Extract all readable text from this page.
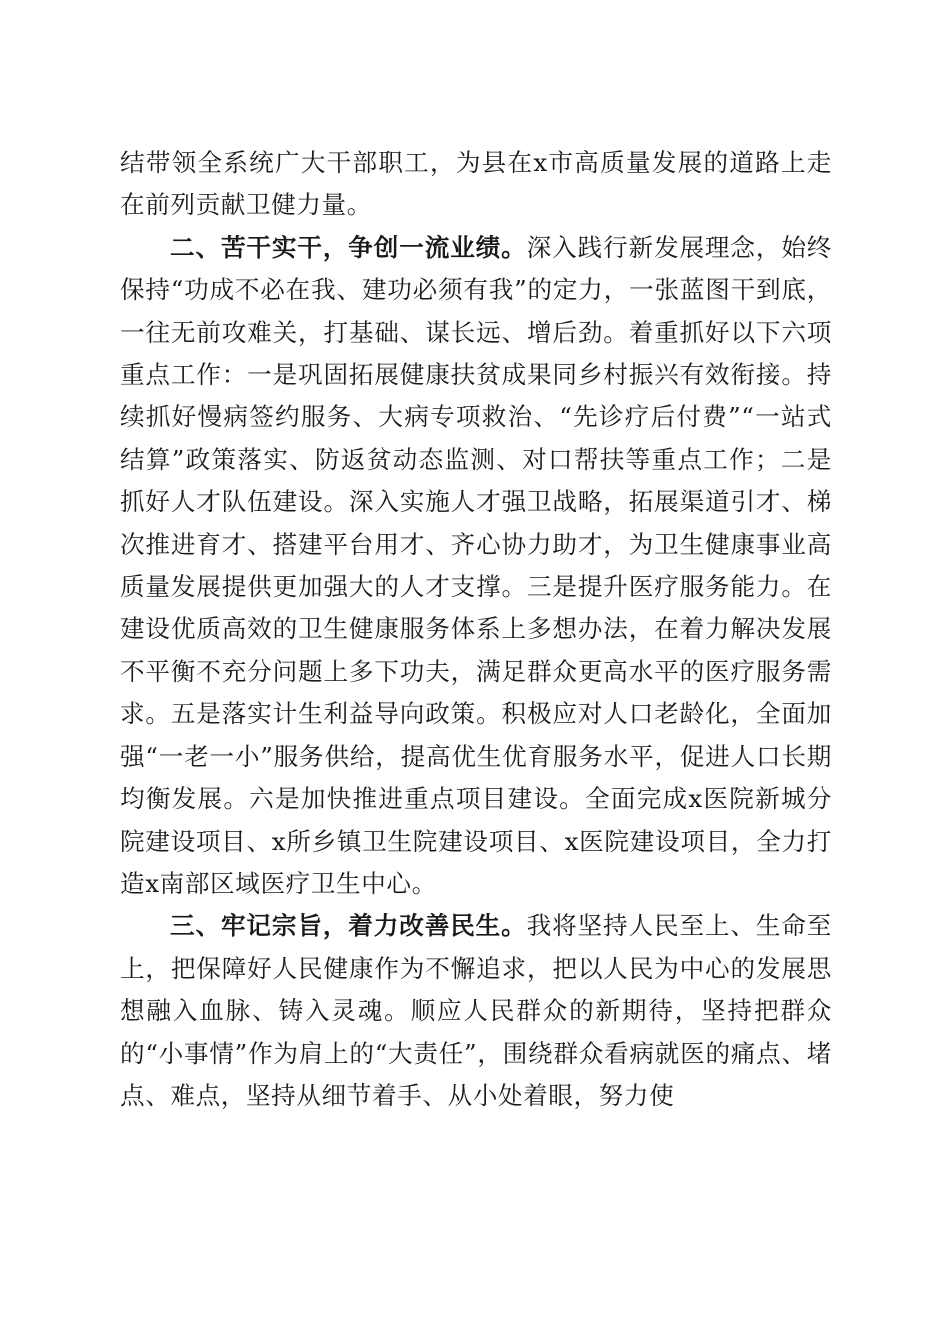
结带领全系统广大干部职工，为县在x市高质量发展的道路上走在前列贡献卫健力量。

二、苦干实干，争创一流业绩。深入践行新发展理念，始终保持“功成不必在我、建功必须有我”的定力，一张蓝图干到底，一往无前攻难关，打基础、谋长远、增后劲。着重抓好以下六项重点工作：一是巩固拓展健康扶贫成果同乡村振兴有效衔接。持续抓好慢病签约服务、大病专项救治、“先诊疗后付费”“一站式结算”政策落实、防返贫动态监测、对口帮扶等重点工作；二是抓好人才队伍建设。深入实施人才强卫战略，拓展渠道引才、梯次推进育才、搭建平台用才、齐心协力助才，为卫生健康事业高质量发展提供更加强大的人才支撑。三是提升医疗服务能力。在建设优质高效的卫生健康服务体系上多想办法，在着力解决发展不平衡不充分问题上多下功夫，满足群众更高水平的医疗服务需求。五是落实计生利益导向政策。积极应对人口老龄化，全面加强“一老一小”服务供给，提高优生优育服务水平，促进人口长期均衡发展。六是加快推进重点项目建设。全面完成x医院新城分院建设项目、x所乡镇卫生院建设项目、x医院建设项目，全力打造x南部区域医疗卫生中心。

三、牢记宗旨，着力改善民生。我将坚持人民至上、生命至上，把保障好人民健康作为不懈追求，把以人民为中心的发展思想融入血脉、铸入灵魂。顺应人民群众的新期待，坚持把群众的“小事情”作为肩上的“大责任”，围绕群众看病就医的痛点、堵点、难点，坚持从细节着手、从小处着眼，努力使
